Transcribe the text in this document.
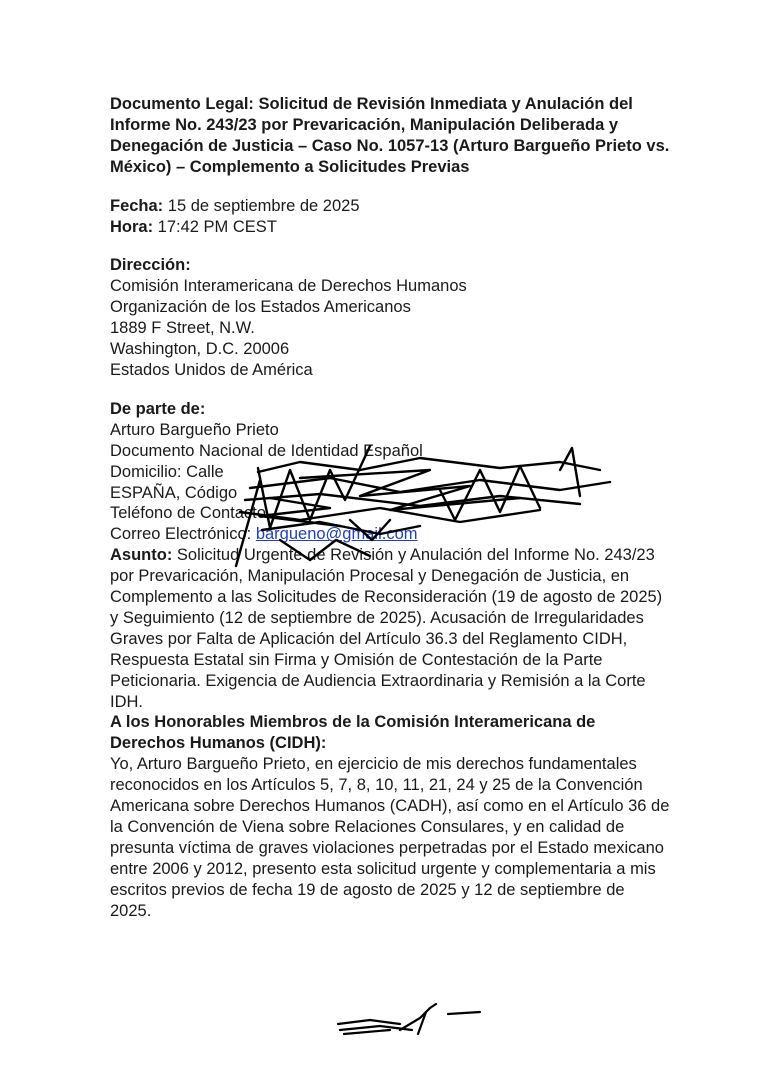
Documento Legal: Solicitud de Revisión Inmediata y Anulación del Informe No. 243/23 por Prevaricación, Manipulación Deliberada y Denegación de Justicia – Caso No. 1057-13 (Arturo Bargueño Prieto vs. México) – Complemento a Solicitudes Previas

Fecha: 15 de septiembre de 2025
Hora: 17:42 PM CEST
Dirección:
Comisión Interamericana de Derechos Humanos
Organización de los Estados Americanos
1889 F Street, N.W.
Washington, D.C. 20006
Estados Unidos de América
De parte de:
Arturo Bargueño Prieto
Documento Nacional de Identidad Español
Domicilio: Calle
ESPAÑA, Código
Teléfono de Contacto
Correo Electrónico: bargueno@gmail.com

Asunto: Solicitud Urgente de Revisión y Anulación del Informe No. 243/23 por Prevaricación, Manipulación Procesal y Denegación de Justicia, en Complemento a las Solicitudes de Reconsideración (19 de agosto de 2025) y Seguimiento (12 de septiembre de 2025). Acusación de Irregularidades Graves por Falta de Aplicación del Artículo 36.3 del Reglamento CIDH, Respuesta Estatal sin Firma y Omisión de Contestación de la Parte Peticionaria. Exigencia de Audiencia Extraordinaria y Remisión a la Corte IDH.

A los Honorables Miembros de la Comisión Interamericana de Derechos Humanos (CIDH):

Yo, Arturo Bargueño Prieto, en ejercicio de mis derechos fundamentales reconocidos en los Artículos 5, 7, 8, 10, 11, 21, 24 y 25 de la Convención Americana sobre Derechos Humanos (CADH), así como en el Artículo 36 de la Convención de Viena sobre Relaciones Consulares, y en calidad de presunta víctima de graves violaciones perpetradas por el Estado mexicano entre 2006 y 2012, presento esta solicitud urgente y complementaria a mis escritos previos de fecha 19 de agosto de 2025 y 12 de septiembre de 2025.
